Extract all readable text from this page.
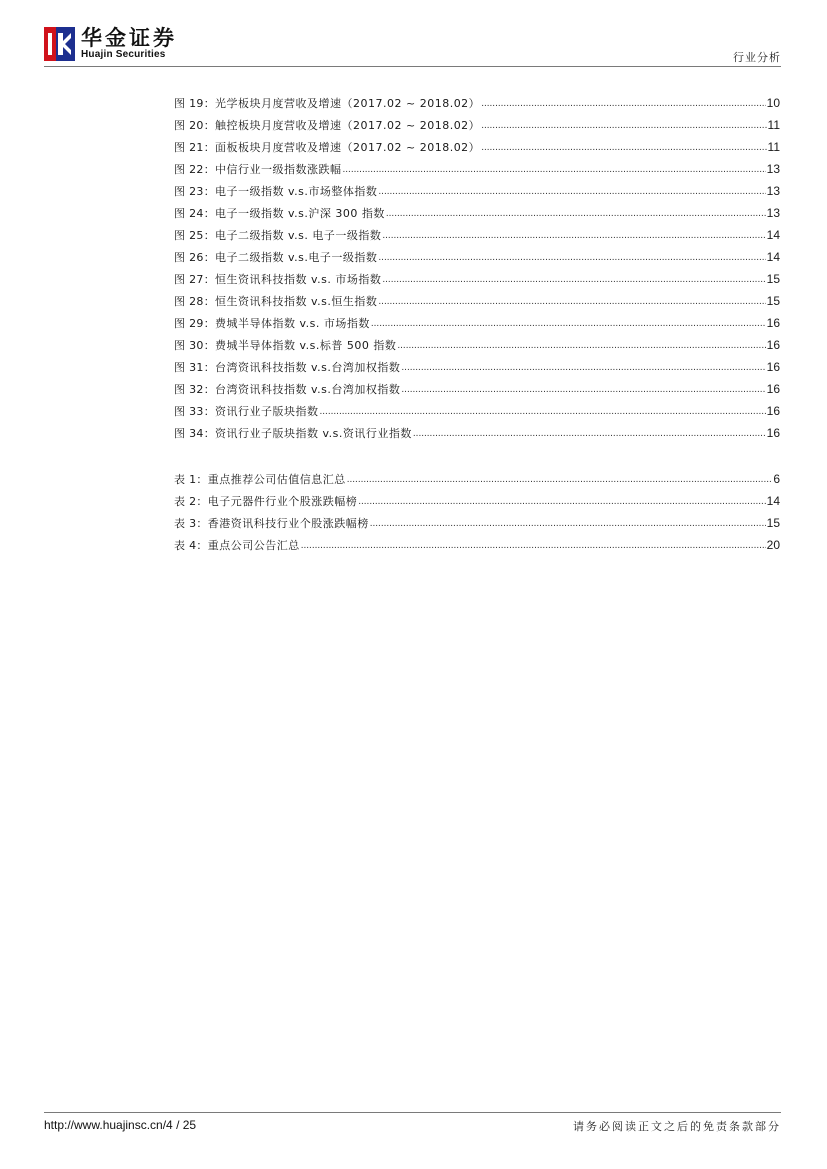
华金证券
Huajin Securities	行业分析
图 19： 光学板块月度营收及增速（2017.02 ~ 2018.02） .....	10
图 20： 触控板块月度营收及增速（2017.02 ~ 2018.02） .....	11
图 21： 面板板块月度营收及增速（2017.02 ~ 2018.02） .....	11
图 22： 中信行业一级指数涨跌幅 .....	13
图 23： 电子一级指数 v.s.市场整体指数 .....	13
图 24： 电子一级指数 v.s.沪深 300 指数 .....	13
图 25： 电子二级指数 v.s. 电子一级指数 .....	14
图 26： 电子二级指数 v.s.电子一级指数 .....	14
图 27： 恒生资讯科技指数 v.s. 市场指数 .....	15
图 28： 恒生资讯科技指数 v.s.恒生指数 .....	15
图 29： 费城半导体指数 v.s. 市场指数 .....	16
图 30： 费城半导体指数 v.s.标普 500 指数 .....	16
图 31： 台湾资讯科技指数 v.s.台湾加权指数 .....	16
图 32： 台湾资讯科技指数 v.s.台湾加权指数 .....	16
图 33： 资讯行业子版块指数 .....	16
图 34： 资讯行业子版块指数 v.s.资讯行业指数 .....	16
表 1： 重点推荐公司估值信息汇总 .....	6
表 2： 电子元器件行业个股涨跌幅榜 .....	14
表 3： 香港资讯科技行业个股涨跌幅榜 .....	15
表 4： 重点公司公告汇总 .....	20
http://www.huajinsc.cn/4 / 25	请务必阅读正文之后的免责条款部分
